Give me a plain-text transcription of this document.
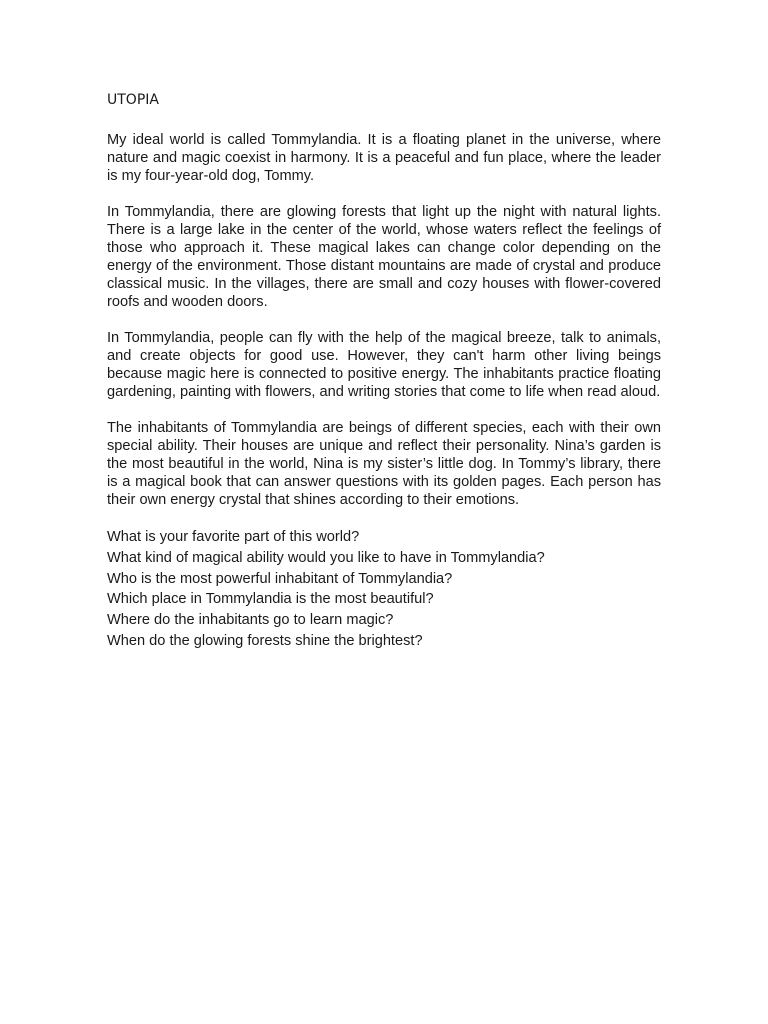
UTOPIA

My ideal world is called Tommylandia. It is a floating planet in the universe, where nature and magic coexist in harmony. It is a peaceful and fun place, where the leader is my four-year-old dog, Tommy.

In Tommylandia, there are glowing forests that light up the night with natural lights. There is a large lake in the center of the world, whose waters reflect the feelings of those who approach it. These magical lakes can change color depending on the energy of the environment. Those distant mountains are made of crystal and produce classical music. In the villages, there are small and cozy houses with flower-covered roofs and wooden doors.

In Tommylandia, people can fly with the help of the magical breeze, talk to animals, and create objects for good use. However, they can't harm other living beings because magic here is connected to positive energy. The inhabitants practice floating gardening, painting with flowers, and writing stories that come to life when read aloud.

The inhabitants of Tommylandia are beings of different species, each with their own special ability. Their houses are unique and reflect their personality. Nina’s garden is the most beautiful in the world, Nina is my sister’s little dog. In Tommy’s library, there is a magical book that can answer questions with its golden pages. Each person has their own energy crystal that shines according to their emotions.

What is your favorite part of this world?
What kind of magical ability would you like to have in Tommylandia?
Who is the most powerful inhabitant of Tommylandia?
Which place in Tommylandia is the most beautiful?
Where do the inhabitants go to learn magic?
When do the glowing forests shine the brightest?
